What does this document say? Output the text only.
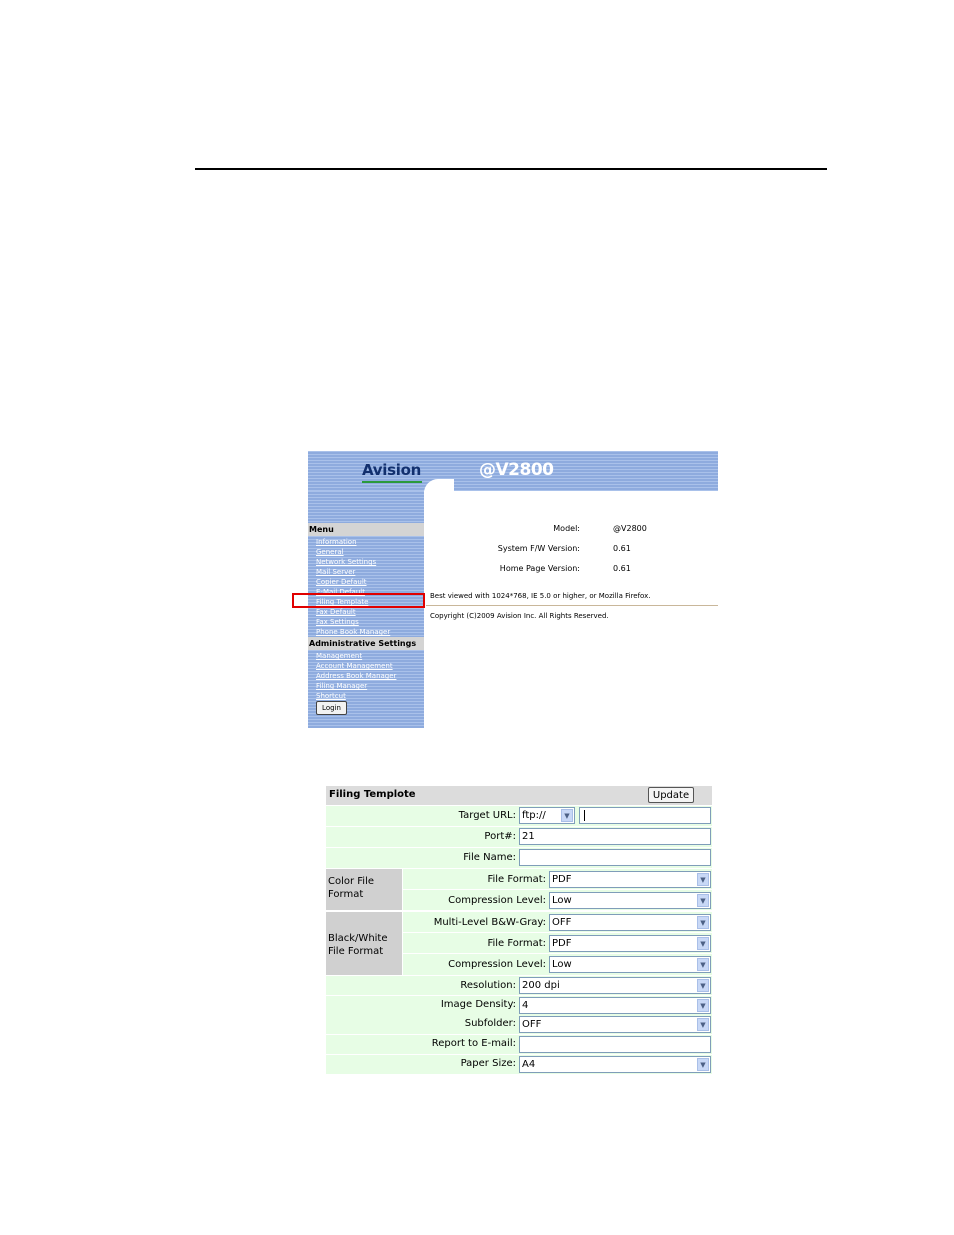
Avision	@V2800
Menu
Information
General
Network Settings
Mail Server
Copier Default
E-Mail Default
Filing Template
Fax Default
Fax Settings
Phone Book Manager
Administrative Settings
Management
Account Management
Address Book Manager
Filing Manager
Shortcut
Login
Model:	@V2800
System F/W Version:	0.61
Home Page Version:	0.61
Best viewed with 1024*768, IE 5.0 or higher, or Mozilla Firefox.
Copyright (C)2009 Avision Inc. All Rights Reserved.
Filing Templote	Update
Target URL: ftp://	▼
Port#: 21
File Name:
Color File Format
File Format: PDF	▼
Compression Level: Low	▼
Black/White File Format
Multi-Level B&W-Gray: OFF	▼
File Format: PDF	▼
Compression Level: Low	▼
Resolution: 200 dpi	▼
Image Density: 4	▼
Subfolder: OFF	▼
Report to E-mail:
Paper Size: A4	▼
